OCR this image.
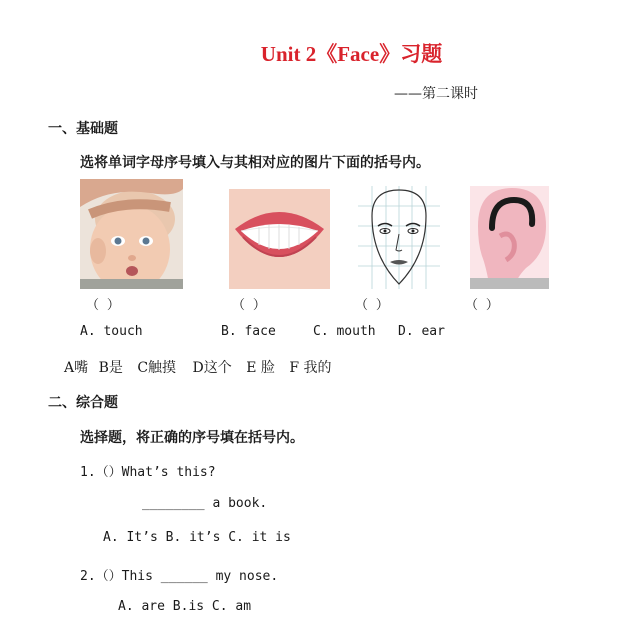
Unit 2《Face》习题
——第二课时
一、基础题
选将单词字母序号填入与其相对应的图片下面的括号内。
（ ）	（ ）	（ ）	（ ）
A. touch	B. face	C. mouth D. ear
A嘴 B是 C触摸 D这个 E 脸 F 我的
二、综合题
选择题，将正确的序号填在括号内。
1.（）What’s this?
________ a book.
A. It’s B. it’s C. it is
2.（）This ______ my nose.
A. are B.is C. am
